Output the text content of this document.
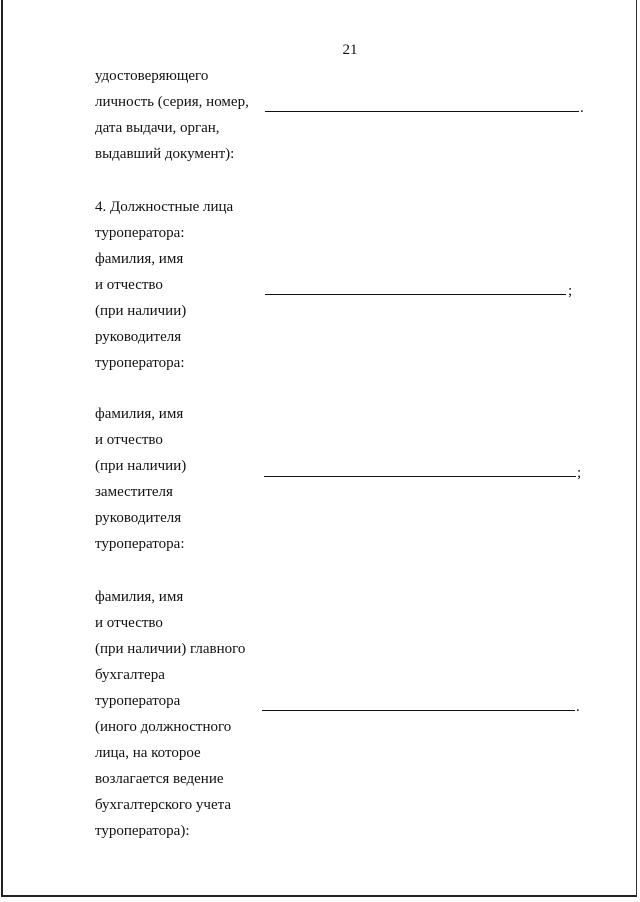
21
удостоверяющего
личность (серия, номер,
дата выдачи, орган,
выдавший документ):
.
4. Должностные лица
туроператора:
фамилия, имя
и отчество
(при наличии)
руководителя
туроператора:
;
фамилия, имя
и отчество
(при наличии)
заместителя
руководителя
туроператора:
;
фамилия, имя
и отчество
(при наличии) главного
бухгалтера
туроператора
(иного должностного
лица, на которое
возлагается ведение
бухгалтерского учета
туроператора):
.
